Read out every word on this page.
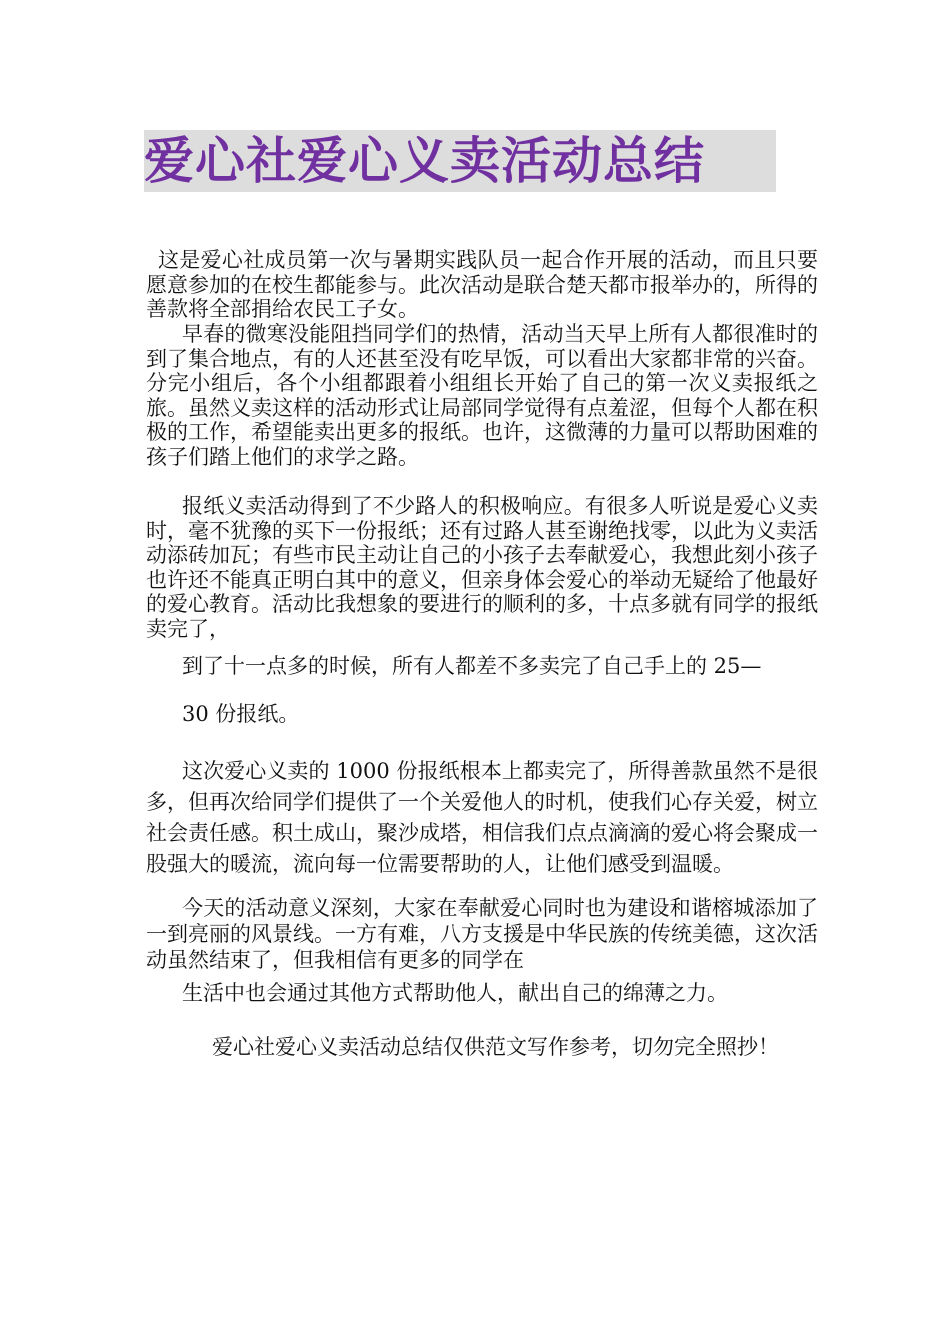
爱心社爱心义卖活动总结

这是爱心社成员第一次与暑期实践队员一起合作开展的活动，而且只要愿意参加的在校生都能参与。此次活动是联合楚天都市报举办的，所得的善款将全部捐给农民工子女。

早春的微寒没能阻挡同学们的热情，活动当天早上所有人都很准时的到了集合地点，有的人还甚至没有吃早饭，可以看出大家都非常的兴奋。分完小组后，各个小组都跟着小组组长开始了自己的第一次义卖报纸之旅。虽然义卖这样的活动形式让局部同学觉得有点羞涩，但每个人都在积极的工作，希望能卖出更多的报纸。也许，这微薄的力量可以帮助困难的孩子们踏上他们的求学之路。

报纸义卖活动得到了不少路人的积极响应。有很多人听说是爱心义卖时，毫不犹豫的买下一份报纸；还有过路人甚至谢绝找零，以此为义卖活动添砖加瓦；有些市民主动让自己的小孩子去奉献爱心，我想此刻小孩子也许还不能真正明白其中的意义，但亲身体会爱心的举动无疑给了他最好的爱心教育。活动比我想象的要进行的顺利的多，十点多就有同学的报纸卖完了，
到了十一点多的时候，所有人都差不多卖完了自己手上的 25—
30 份报纸。

这次爱心义卖的 1000 份报纸根本上都卖完了，所得善款虽然不是很多，但再次给同学们提供了一个关爱他人的时机，使我们心存关爱，树立社会责任感。积土成山，聚沙成塔，相信我们点点滴滴的爱心将会聚成一股强大的暖流，流向每一位需要帮助的人，让他们感受到温暖。

今天的活动意义深刻，大家在奉献爱心同时也为建设和谐榕城添加了一到亮丽的风景线。一方有难，八方支援是中华民族的传统美德，这次活动虽然结束了，但我相信有更多的同学在
生活中也会通过其他方式帮助他人，献出自己的绵薄之力。

爱心社爱心义卖活动总结仅供范文写作参考，切勿完全照抄！
